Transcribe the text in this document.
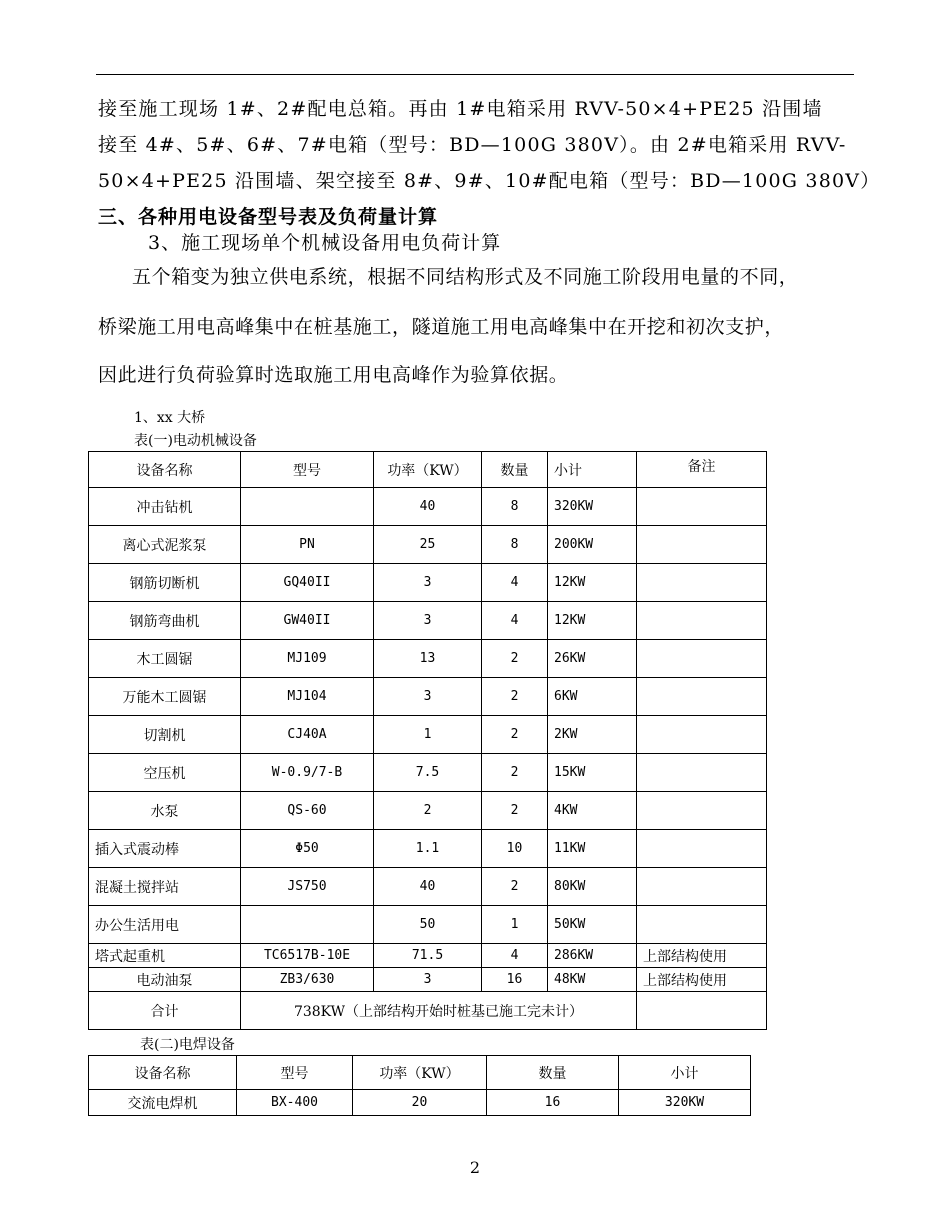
接至施工现场 1#、2#配电总箱。再由 1#电箱采用 RVV-50×4+PE25 沿围墙
接至 4#、5#、6#、7#电箱（型号：BD—100G 380V）。由 2#电箱采用 RVV-
50×4+PE25 沿围墙、架空接至 8#、9#、10#配电箱（型号：BD—100G 380V）
三、各种用电设备型号表及负荷量计算
3、施工现场单个机械设备用电负荷计算
五个箱变为独立供电系统，根据不同结构形式及不同施工阶段用电量的不同，
桥梁施工用电高峰集中在桩基施工，隧道施工用电高峰集中在开挖和初次支护，
因此进行负荷验算时选取施工用电高峰作为验算依据。
1、xx 大桥
表(一)电动机械设备
设备名称	型号	功率（KW）	数量	小计	备注
冲击钻机		40	8	320KW	
离心式泥浆泵	PN	25	8	200KW	
钢筋切断机	GQ40II	3	4	12KW	
钢筋弯曲机	GW40II	3	4	12KW	
木工圆锯	MJ109	13	2	26KW	
万能木工圆锯	MJ104	3	2	6KW	
切割机	CJ40A	1	2	2KW	
空压机	W-0.9/7-B	7.5	2	15KW	
水泵	QS-60	2	2	4KW	
插入式震动棒	Φ50	1.1	10	11KW	
混凝土搅拌站	JS750	40	2	80KW	
办公生活用电		50	1	50KW	
塔式起重机	TC6517B-10E	71.5	4	286KW	上部结构使用
电动油泵	ZB3/630	3	16	48KW	上部结构使用
合计	738KW（上部结构开始时桩基已施工完未计）				
表(二)电焊设备
设备名称	型号	功率（KW）	数量	小计
交流电焊机	BX-400	20	16	320KW
2
